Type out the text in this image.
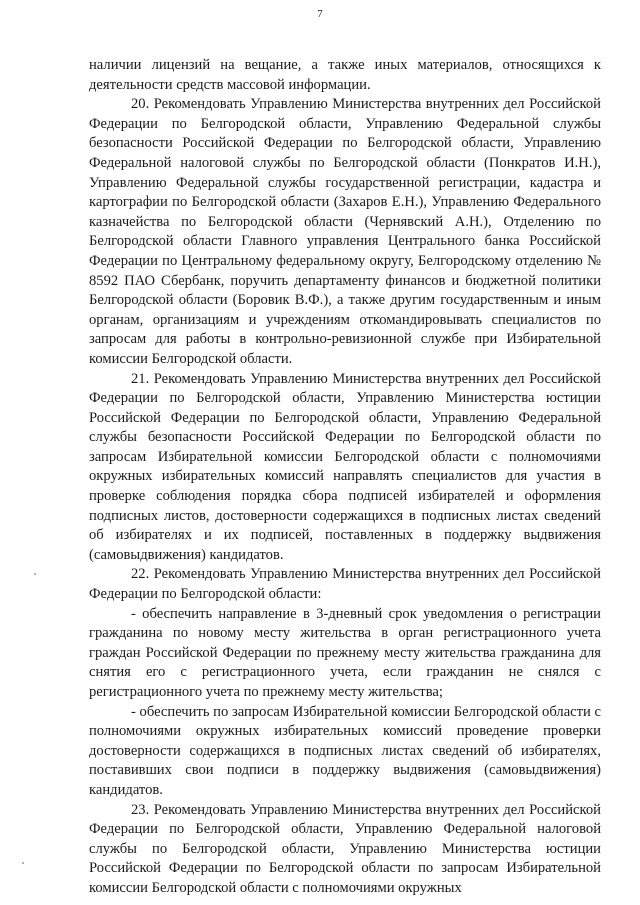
7

наличии лицензий на вещание, а также иных материалов, относящихся к деятельности средств массовой информации.

20. Рекомендовать Управлению Министерства внутренних дел Российской Федерации по Белгородской области, Управлению Федеральной службы безопасности Российской Федерации по Белгородской области, Управлению Федеральной налоговой службы по Белгородской области (Понкратов И.Н.), Управлению Федеральной службы государственной регистрации, кадастра и картографии по Белгородской области (Захаров Е.Н.), Управлению Федерального казначейства по Белгородской области (Чернявский А.Н.), Отделению по Белгородской области Главного управления Центрального банка Российской Федерации по Центральному федеральному округу, Белгородскому отделению № 8592 ПАО Сбербанк, поручить департаменту финансов и бюджетной политики Белгородской области (Боровик В.Ф.), а также другим государственным и иным органам, организациям и учреждениям откомандировывать специалистов по запросам для работы в контрольно-ревизионной службе при Избирательной комиссии Белгородской области.

21. Рекомендовать Управлению Министерства внутренних дел Российской Федерации по Белгородской области, Управлению Министерства юстиции Российской Федерации по Белгородской области, Управлению Федеральной службы безопасности Российской Федерации по Белгородской области по запросам Избирательной комиссии Белгородской области с полномочиями окружных избирательных комиссий направлять специалистов для участия в проверке соблюдения порядка сбора подписей избирателей и оформления подписных листов, достоверности содержащихся в подписных листах сведений об избирателях и их подписей, поставленных в поддержку выдвижения (самовыдвижения) кандидатов.

22. Рекомендовать Управлению Министерства внутренних дел Российской Федерации по Белгородской области:

- обеспечить направление в 3-дневный срок уведомления о регистрации гражданина по новому месту жительства в орган регистрационного учета граждан Российской Федерации по прежнему месту жительства гражданина для снятия его с регистрационного учета, если гражданин не снялся с регистрационного учета по прежнему месту жительства;

- обеспечить по запросам Избирательной комиссии Белгородской области с полномочиями окружных избирательных комиссий проведение проверки достоверности содержащихся в подписных листах сведений об избирателях, поставивших свои подписи в поддержку выдвижения (самовыдвижения) кандидатов.

23. Рекомендовать Управлению Министерства внутренних дел Российской Федерации по Белгородской области, Управлению Федеральной налоговой службы по Белгородской области, Управлению Министерства юстиции Российской Федерации по Белгородской области по запросам Избирательной комиссии Белгородской области с полномочиями окружных
